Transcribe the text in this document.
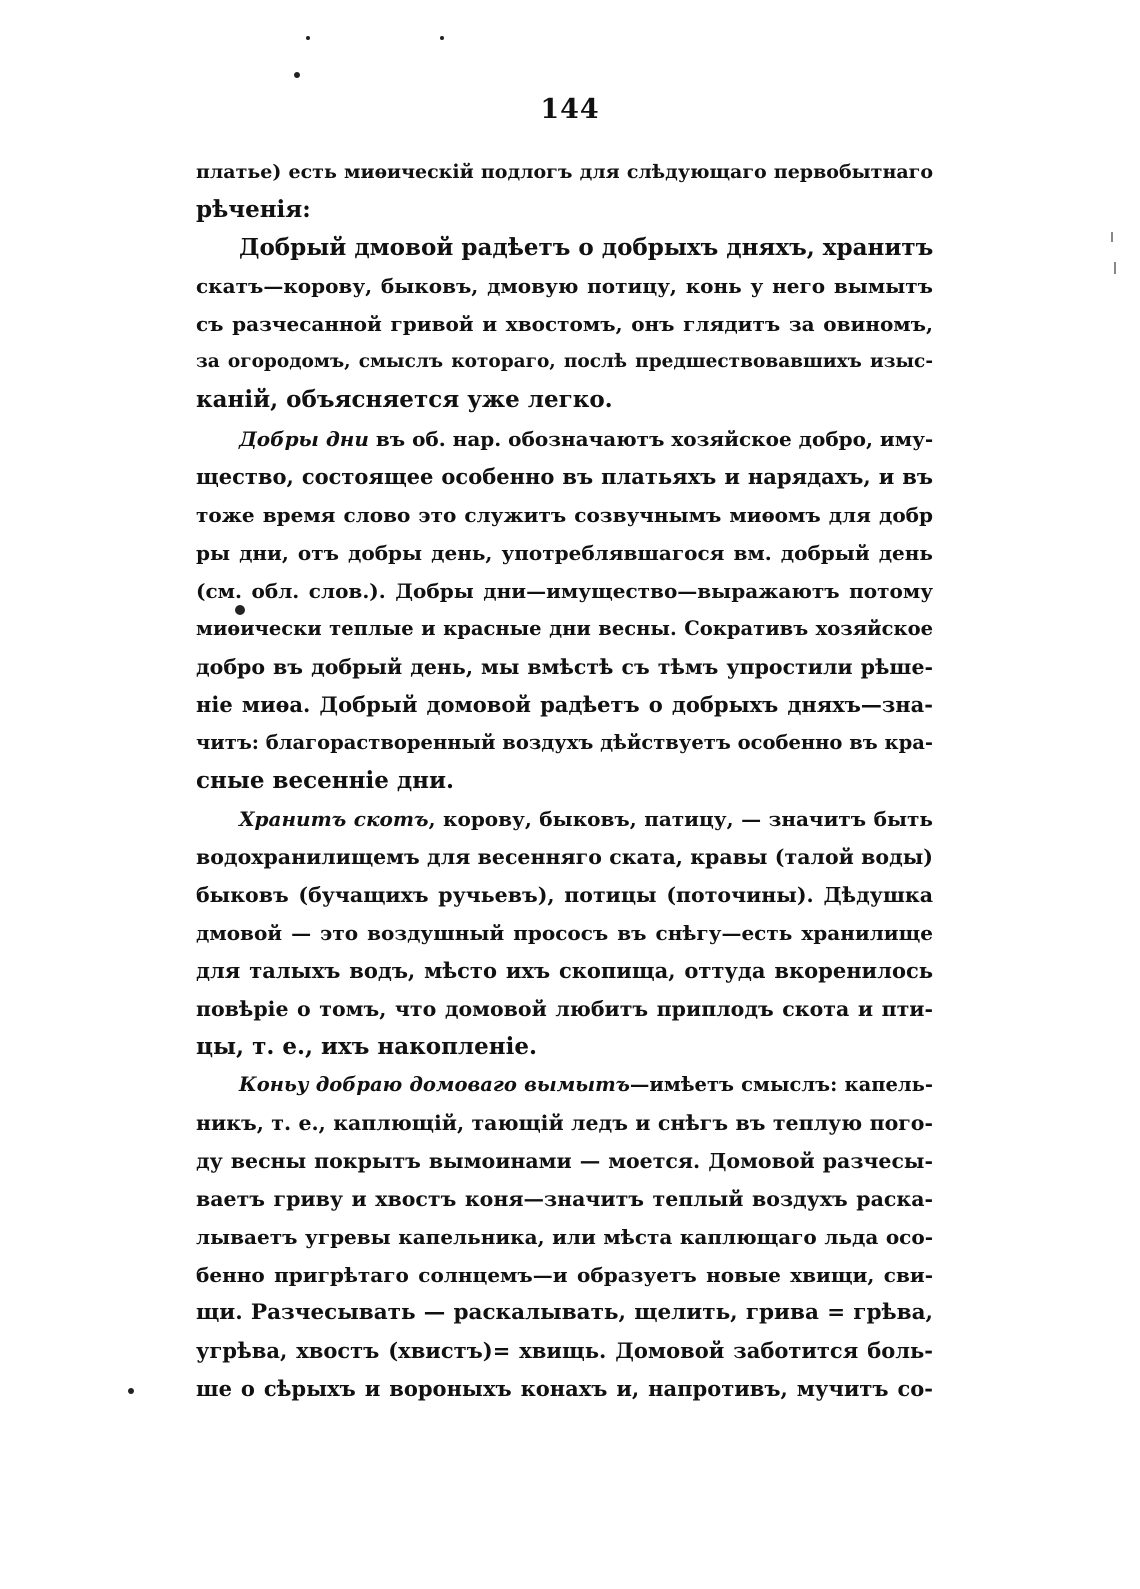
144
платье) есть миѳическій подлогъ для слѣдующаго первобытнаго
рѣченія:
Добрый дмовой радѣетъ о добрыхъ дняхъ, хранитъ
скатъ—корову, быковъ, дмовую потицу, конь у него вымытъ
съ разчесанной гривой и хвостомъ, онъ глядитъ за овиномъ,
за огородомъ, смыслъ котораго, послѣ предшествовавшихъ изыс-
каній, объясняется уже легко.
Добры дни въ об. нар. обозначаютъ хозяйское добро, иму-
щество, состоящее особенно въ платьяхъ и нарядахъ, и въ
тоже время слово это служитъ созвучнымъ миѳомъ для добр
ры дни, отъ добры день, употреблявшагося вм. добрый день
(см. обл. слов.). Добры дни—имущество—выражаютъ потому
миѳически теплые и красные дни весны. Сокративъ хозяйское
добро въ добрый день, мы вмѣстѣ съ тѣмъ упростили рѣше-
ніе миѳа. Добрый домовой радѣетъ о добрыхъ дняхъ—зна-
читъ: благорастворенный воздухъ дѣйствуетъ особенно въ кра-
сные весенніе дни.
Хранитъ скотъ, корову, быковъ, патицу, — значитъ быть
водохранилищемъ для весенняго ската, кравы (талой воды)
быковъ (бучащихъ ручьевъ), потицы (поточины). Дѣдушка
дмовой — это воздушный прососъ въ снѣгу—есть хранилище
для талыхъ водъ, мѣсто ихъ скопища, оттуда вкоренилось
повѣріе о томъ, что домовой любитъ приплодъ скота и пти-
цы, т. е., ихъ накопленіе.
Коньу добраю домоваго вымытъ—имѣетъ смыслъ: капель-
никъ, т. е., каплющій, тающій ледъ и снѣгъ въ теплую пого-
ду весны покрытъ вымоинами — моется. Домовой разчесы-
ваетъ гриву и хвостъ коня—значитъ теплый воздухъ раска-
лываетъ угревы капельника, или мѣста каплющаго льда осо-
бенно пригрѣтаго солнцемъ—и образуетъ новые хвищи, сви-
щи. Разчесывать — раскалывать, щелить, грива = грѣва,
угрѣва, хвостъ (хвистъ)= хвищь. Домовой заботится боль-
ше о сѣрыхъ и вороныхъ конахъ и, напротивъ, мучитъ со-
